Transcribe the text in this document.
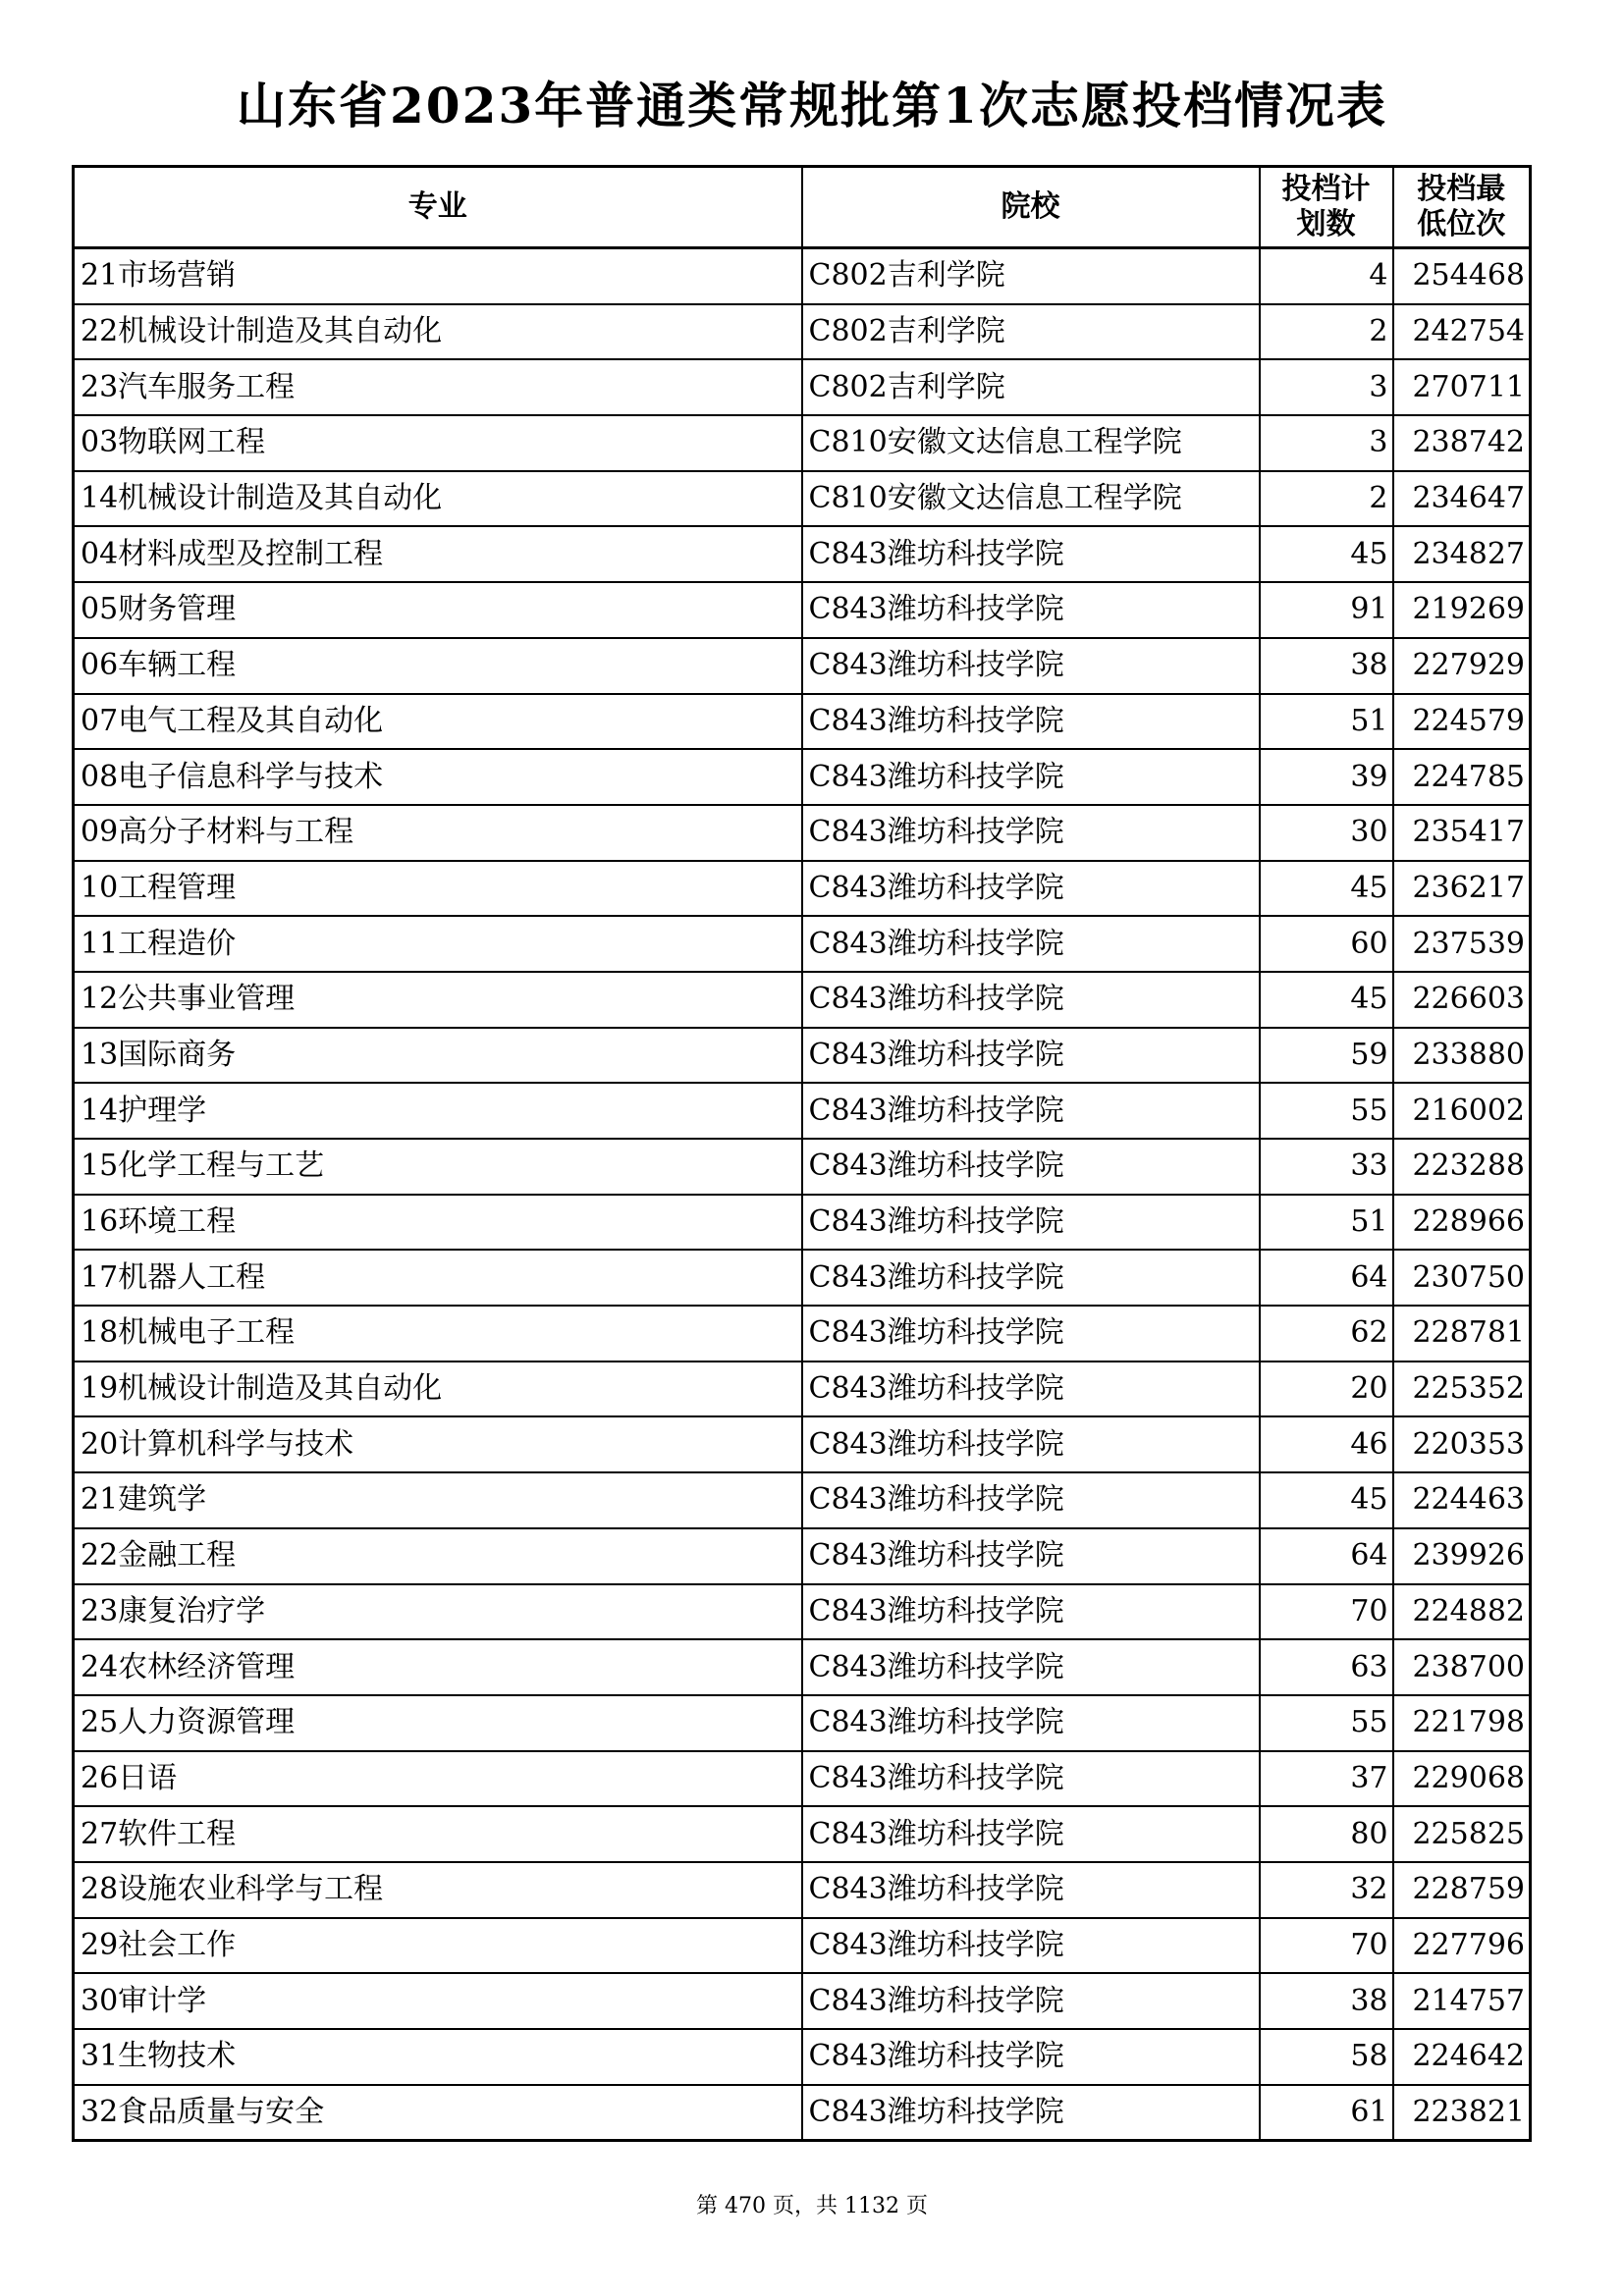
山东省2023年普通类常规批第1次志愿投档情况表
专业	院校	投档计划数	投档最低位次
21市场营销	C802吉利学院	4	254468
22机械设计制造及其自动化	C802吉利学院	2	242754
23汽车服务工程	C802吉利学院	3	270711
03物联网工程	C810安徽文达信息工程学院	3	238742
14机械设计制造及其自动化	C810安徽文达信息工程学院	2	234647
04材料成型及控制工程	C843潍坊科技学院	45	234827
05财务管理	C843潍坊科技学院	91	219269
06车辆工程	C843潍坊科技学院	38	227929
07电气工程及其自动化	C843潍坊科技学院	51	224579
08电子信息科学与技术	C843潍坊科技学院	39	224785
09高分子材料与工程	C843潍坊科技学院	30	235417
10工程管理	C843潍坊科技学院	45	236217
11工程造价	C843潍坊科技学院	60	237539
12公共事业管理	C843潍坊科技学院	45	226603
13国际商务	C843潍坊科技学院	59	233880
14护理学	C843潍坊科技学院	55	216002
15化学工程与工艺	C843潍坊科技学院	33	223288
16环境工程	C843潍坊科技学院	51	228966
17机器人工程	C843潍坊科技学院	64	230750
18机械电子工程	C843潍坊科技学院	62	228781
19机械设计制造及其自动化	C843潍坊科技学院	20	225352
20计算机科学与技术	C843潍坊科技学院	46	220353
21建筑学	C843潍坊科技学院	45	224463
22金融工程	C843潍坊科技学院	64	239926
23康复治疗学	C843潍坊科技学院	70	224882
24农林经济管理	C843潍坊科技学院	63	238700
25人力资源管理	C843潍坊科技学院	55	221798
26日语	C843潍坊科技学院	37	229068
27软件工程	C843潍坊科技学院	80	225825
28设施农业科学与工程	C843潍坊科技学院	32	228759
29社会工作	C843潍坊科技学院	70	227796
30审计学	C843潍坊科技学院	38	214757
31生物技术	C843潍坊科技学院	58	224642
32食品质量与安全	C843潍坊科技学院	61	223821
第 470 页，共 1132 页
